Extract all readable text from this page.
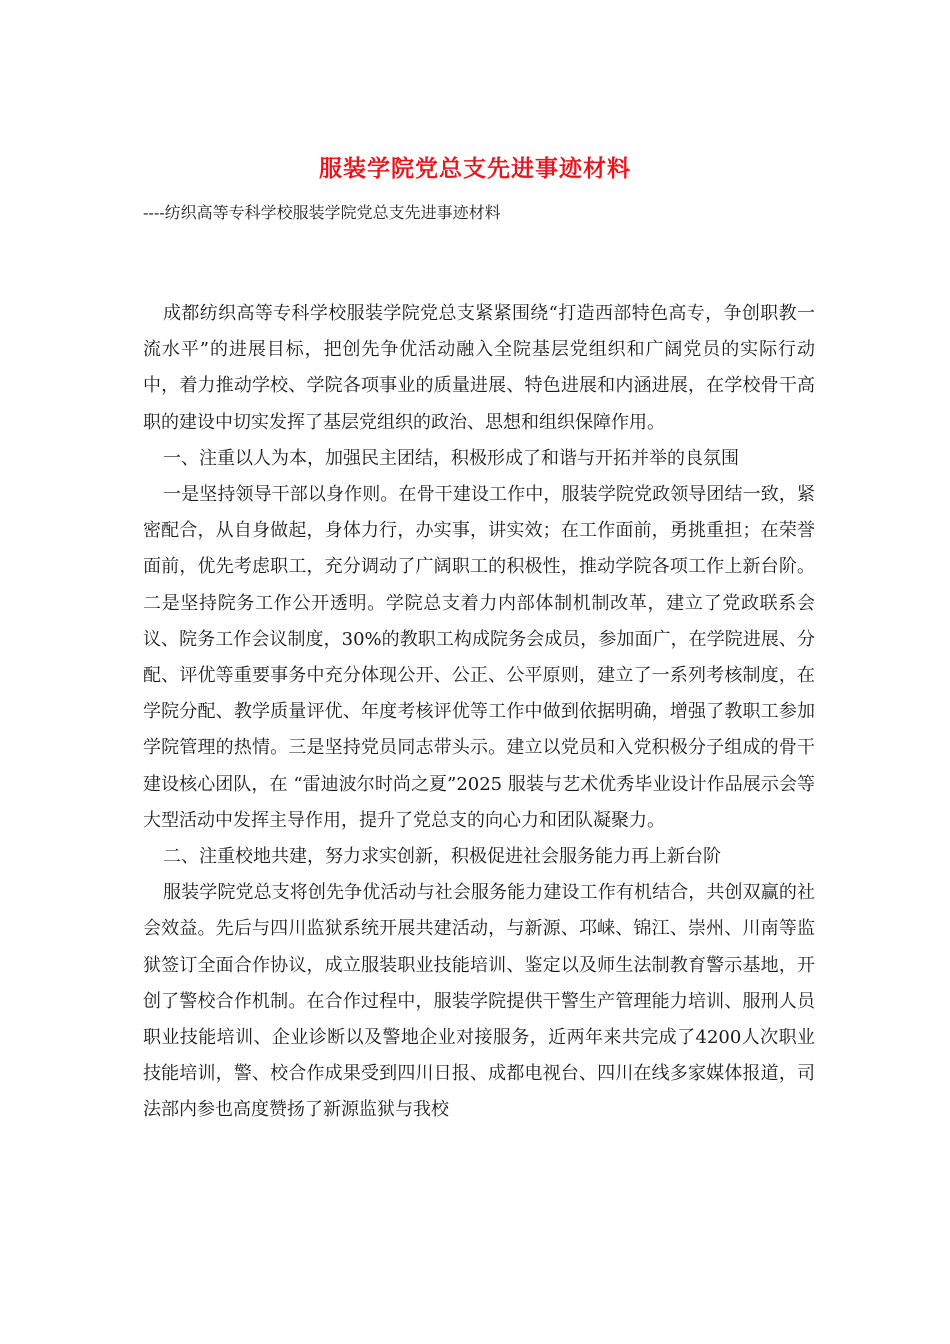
服装学院党总支先进事迹材料
----纺织高等专科学校服装学院党总支先进事迹材料

成都纺织高等专科学校服装学院党总支紧紧围绕“打造西部特色高专，争创职教一流水平”的进展目标，把创先争优活动融入全院基层党组织和广阔党员的实际行动中，着力推动学校、学院各项事业的质量进展、特色进展和内涵进展，在学校骨干高职的建设中切实发挥了基层党组织的政治、思想和组织保障作用。

一、注重以人为本，加强民主团结，积极形成了和谐与开拓并举的良氛围

一是坚持领导干部以身作则。在骨干建设工作中，服装学院党政领导团结一致，紧密配合，从自身做起，身体力行，办实事，讲实效；在工作面前，勇挑重担；在荣誉面前，优先考虑职工，充分调动了广阔职工的积极性，推动学院各项工作上新台阶。二是坚持院务工作公开透明。学院总支着力内部体制机制改革，建立了党政联系会议、院务工作会议制度，30%的教职工构成院务会成员，参加面广，在学院进展、分配、评优等重要事务中充分体现公开、公正、公平原则，建立了一系列考核制度，在学院分配、教学质量评优、年度考核评优等工作中做到依据明确，增强了教职工参加学院管理的热情。三是坚持党员同志带头示。建立以党员和入党积极分子组成的骨干建设核心团队，在 “雷迪波尔时尚之夏”2025 服装与艺术优秀毕业设计作品展示会等大型活动中发挥主导作用，提升了党总支的向心力和团队凝聚力。

二、注重校地共建，努力求实创新，积极促进社会服务能力再上新台阶

服装学院党总支将创先争优活动与社会服务能力建设工作有机结合，共创双赢的社会效益。先后与四川监狱系统开展共建活动，与新源、邛崃、锦江、崇州、川南等监狱签订全面合作协议，成立服装职业技能培训、鉴定以及师生法制教育警示基地，开创了警校合作机制。在合作过程中，服装学院提供干警生产管理能力培训、服刑人员职业技能培训、企业诊断以及警地企业对接服务，近两年来共完成了4200人次职业技能培训，警、校合作成果受到四川日报、成都电视台、四川在线多家媒体报道，司法部内参也高度赞扬了新源监狱与我校
